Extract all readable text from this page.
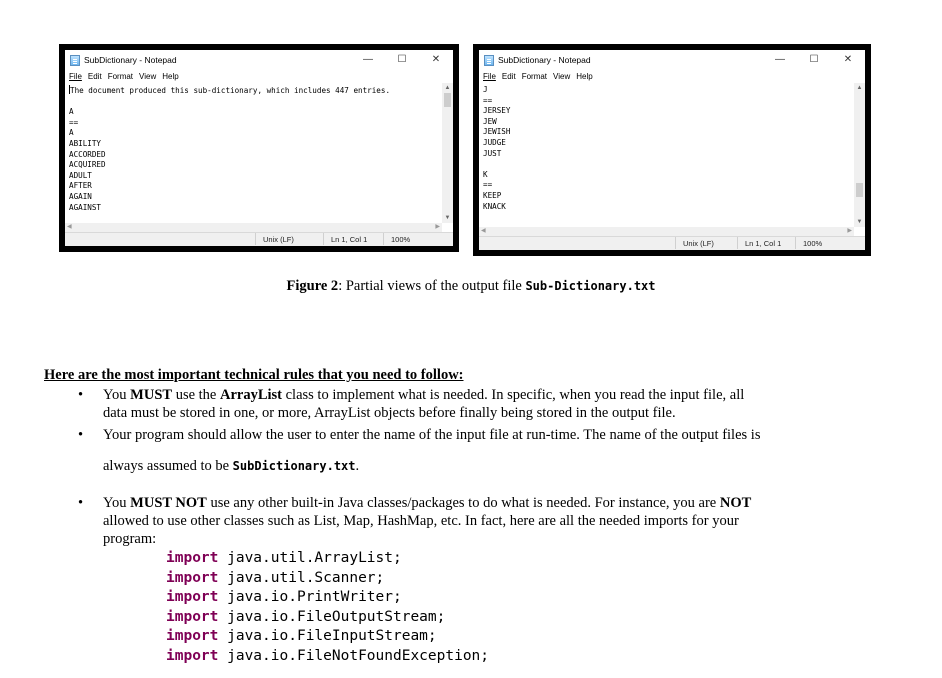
SubDictionary - Notepad	—	☐	✕
File Edit Format View Help
The document produced this sub-dictionary, which includes 447 entries.

A
==
A
ABILITY
ACCORDED
ACQUIRED
ADULT
AFTER
AGAIN
AGAINST
▲
▼
◀	▶
Unix (LF)	Ln 1, Col 1	100%
SubDictionary - Notepad	—	☐	✕
File Edit Format View Help
J
==
JERSEY
JEW
JEWISH
JUDGE
JUST

K
==
KEEP
KNACK
▲
▼
◀	▶
Unix (LF)	Ln 1, Col 1	100%
Figure 2: Partial views of the output file Sub-Dictionary.txt
Here are the most important technical rules that you need to follow:
• You MUST use the ArrayList class to implement what is needed. In specific, when you read the input file, all
data must be stored in one, or more, ArrayList objects before finally being stored in the output file.
• Your program should allow the user to enter the name of the input file at run-time. The name of the output files is
always assumed to be SubDictionary.txt.
• You MUST NOT use any other built-in Java classes/packages to do what is needed. For instance, you are NOT
allowed to use other classes such as List, Map, HashMap, etc. In fact, here are all the needed imports for your
program:
import java.util.ArrayList;
import java.util.Scanner;
import java.io.PrintWriter;
import java.io.FileOutputStream;
import java.io.FileInputStream;
import java.io.FileNotFoundException;
